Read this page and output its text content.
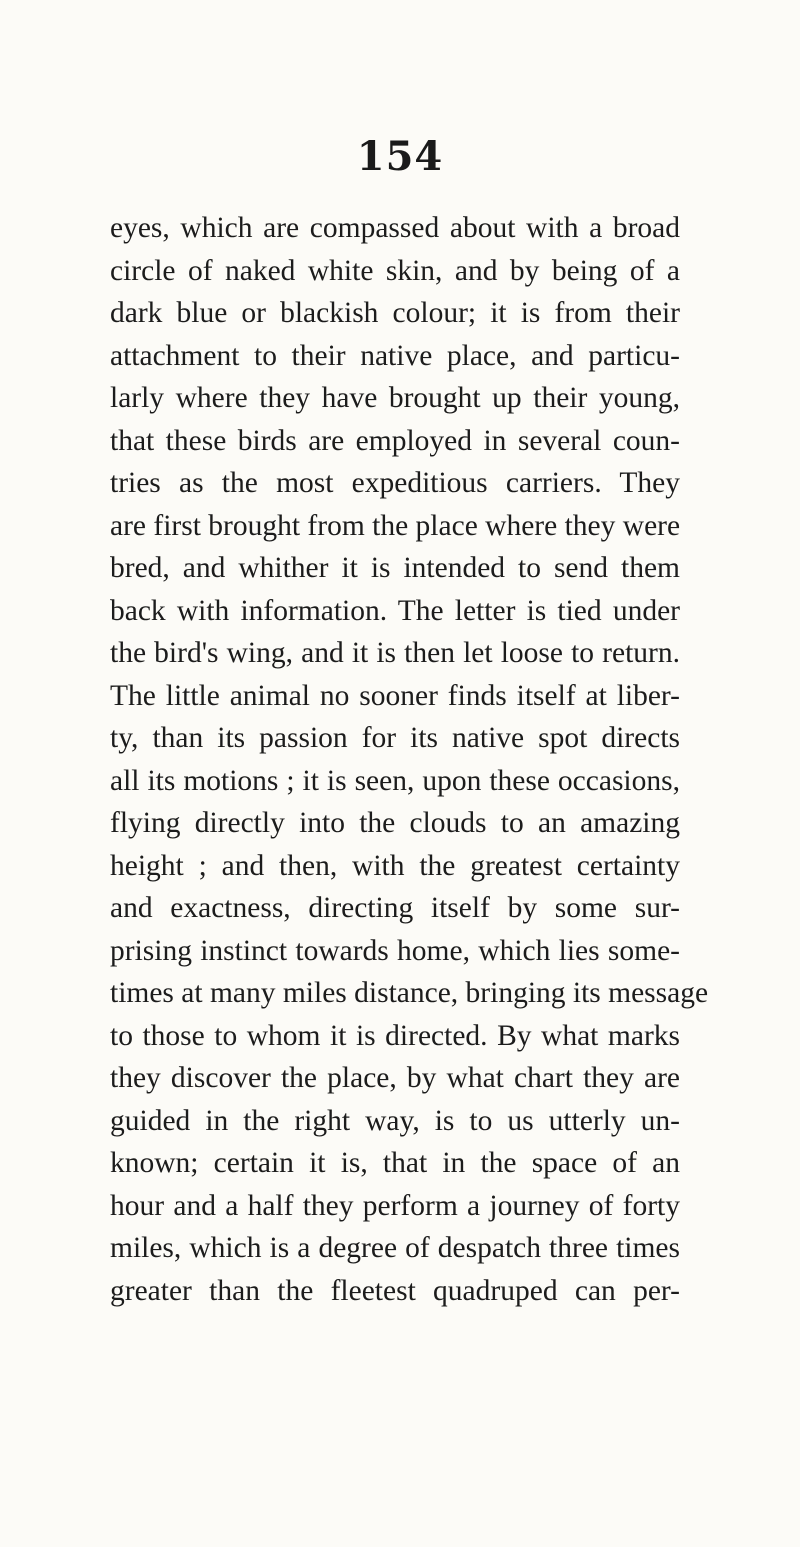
154
eyes, which are compassed about with a broad
circle of naked white skin, and by being of a
dark blue or blackish colour; it is from their
attachment to their native place, and particu-
larly where they have brought up their young,
that these birds are employed in several coun-
tries as the most expeditious carriers. They
are first brought from the place where they were
bred, and whither it is intended to send them
back with information. The letter is tied under
the bird's wing, and it is then let loose to return.
The little animal no sooner finds itself at liber-
ty, than its passion for its native spot directs
all its motions ; it is seen, upon these occasions,
flying directly into the clouds to an amazing
height ; and then, with the greatest certainty
and exactness, directing itself by some sur-
prising instinct towards home, which lies some-
times at many miles distance, bringing its message
to those to whom it is directed. By what marks
they discover the place, by what chart they are
guided in the right way, is to us utterly un-
known; certain it is, that in the space of an
hour and a half they perform a journey of forty
miles, which is a degree of despatch three times
greater than the fleetest quadruped can per-
